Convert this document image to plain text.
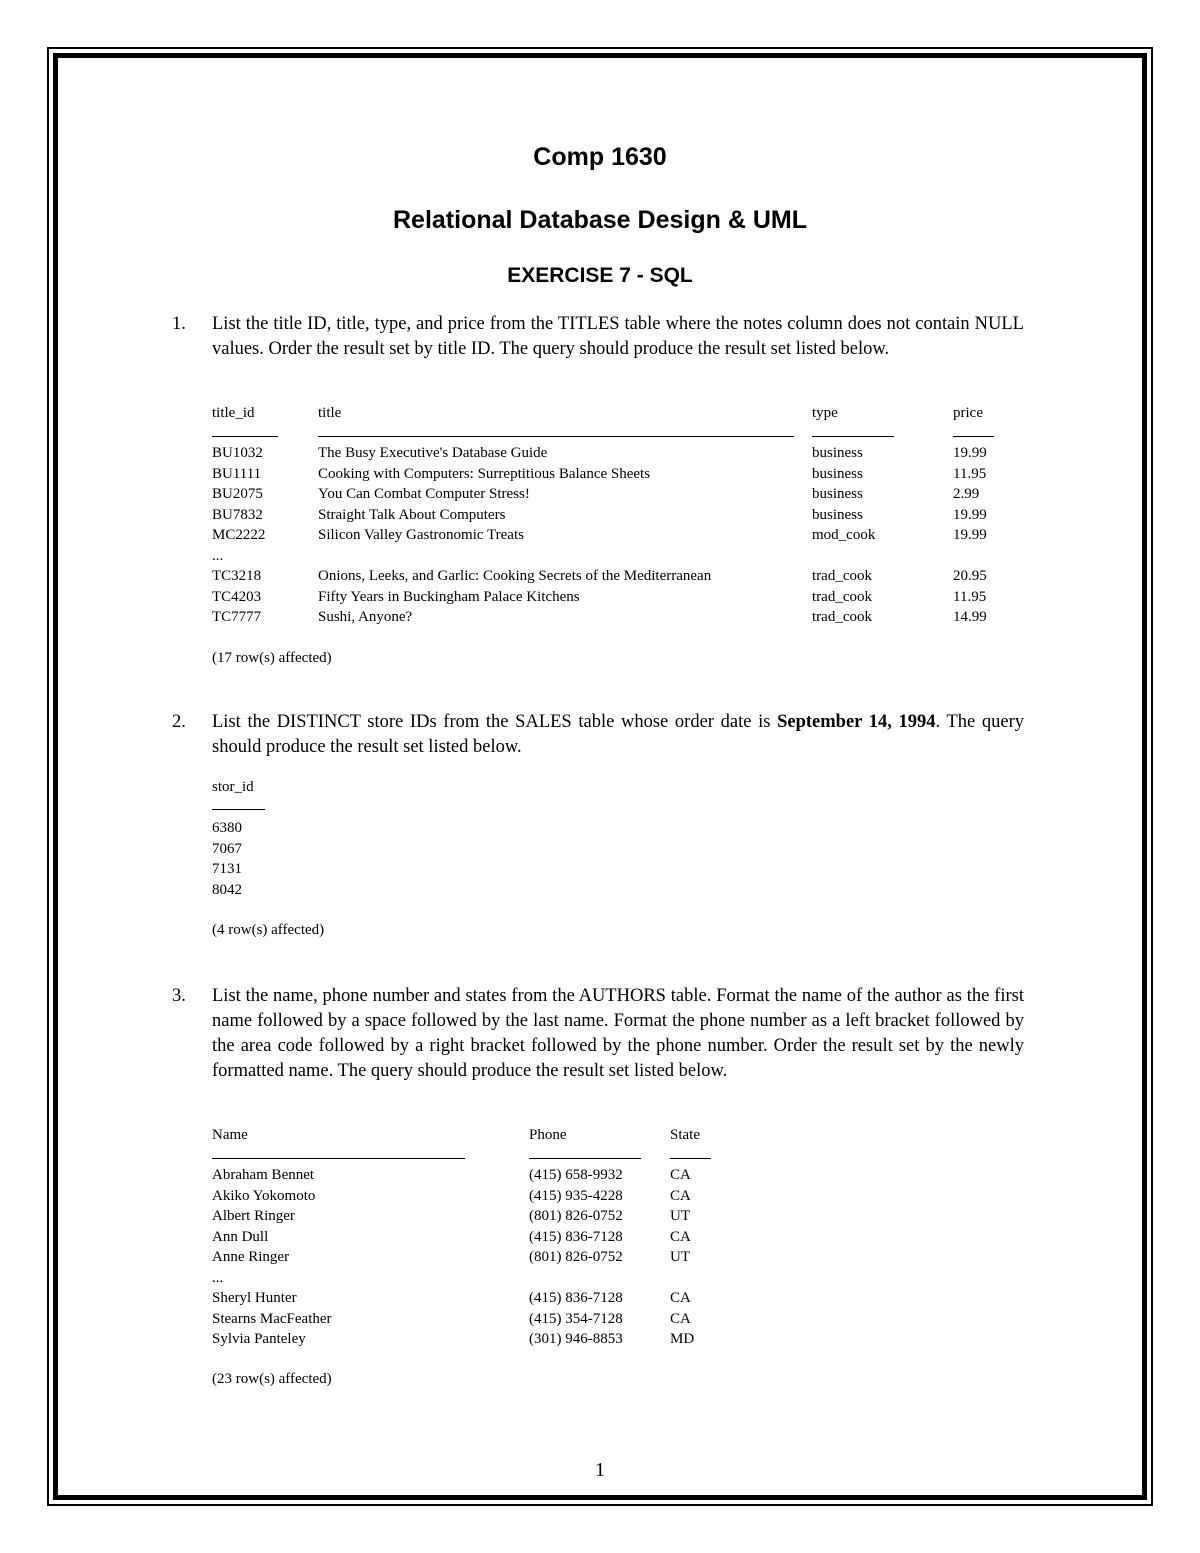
Comp 1630
Relational Database Design & UML
EXERCISE 7 - SQL
1.	List the title ID, title, type, and price from the TITLES table where the notes column does not contain NULL values. Order the result set by title ID. The query should produce the result set listed below.
title_id	title	type	price
BU1032	The Busy Executive's Database Guide	business	19.99
BU1111	Cooking with Computers: Surreptitious Balance Sheets	business	11.95
BU2075	You Can Combat Computer Stress!	business	2.99
BU7832	Straight Talk About Computers	business	19.99
MC2222	Silicon Valley Gastronomic Treats	mod_cook	19.99
...
TC3218	Onions, Leeks, and Garlic: Cooking Secrets of the Mediterranean	trad_cook	20.95
TC4203	Fifty Years in Buckingham Palace Kitchens	trad_cook	11.95
TC7777	Sushi, Anyone?	trad_cook	14.99
(17 row(s) affected)
2.	List the DISTINCT store IDs from the SALES table whose order date is September 14, 1994. The query should produce the result set listed below.
stor_id
6380
7067
7131
8042
(4 row(s) affected)
3.	List the name, phone number and states from the AUTHORS table. Format the name of the author as the first name followed by a space followed by the last name. Format the phone number as a left bracket followed by the area code followed by a right bracket followed by the phone number. Order the result set by the newly formatted name. The query should produce the result set listed below.
Name	Phone	State
Abraham Bennet	(415) 658-9932	CA
Akiko Yokomoto	(415) 935-4228	CA
Albert Ringer	(801) 826-0752	UT
Ann Dull	(415) 836-7128	CA
Anne Ringer	(801) 826-0752	UT
...
Sheryl Hunter	(415) 836-7128	CA
Stearns MacFeather	(415) 354-7128	CA
Sylvia Panteley	(301) 946-8853	MD
(23 row(s) affected)
1
